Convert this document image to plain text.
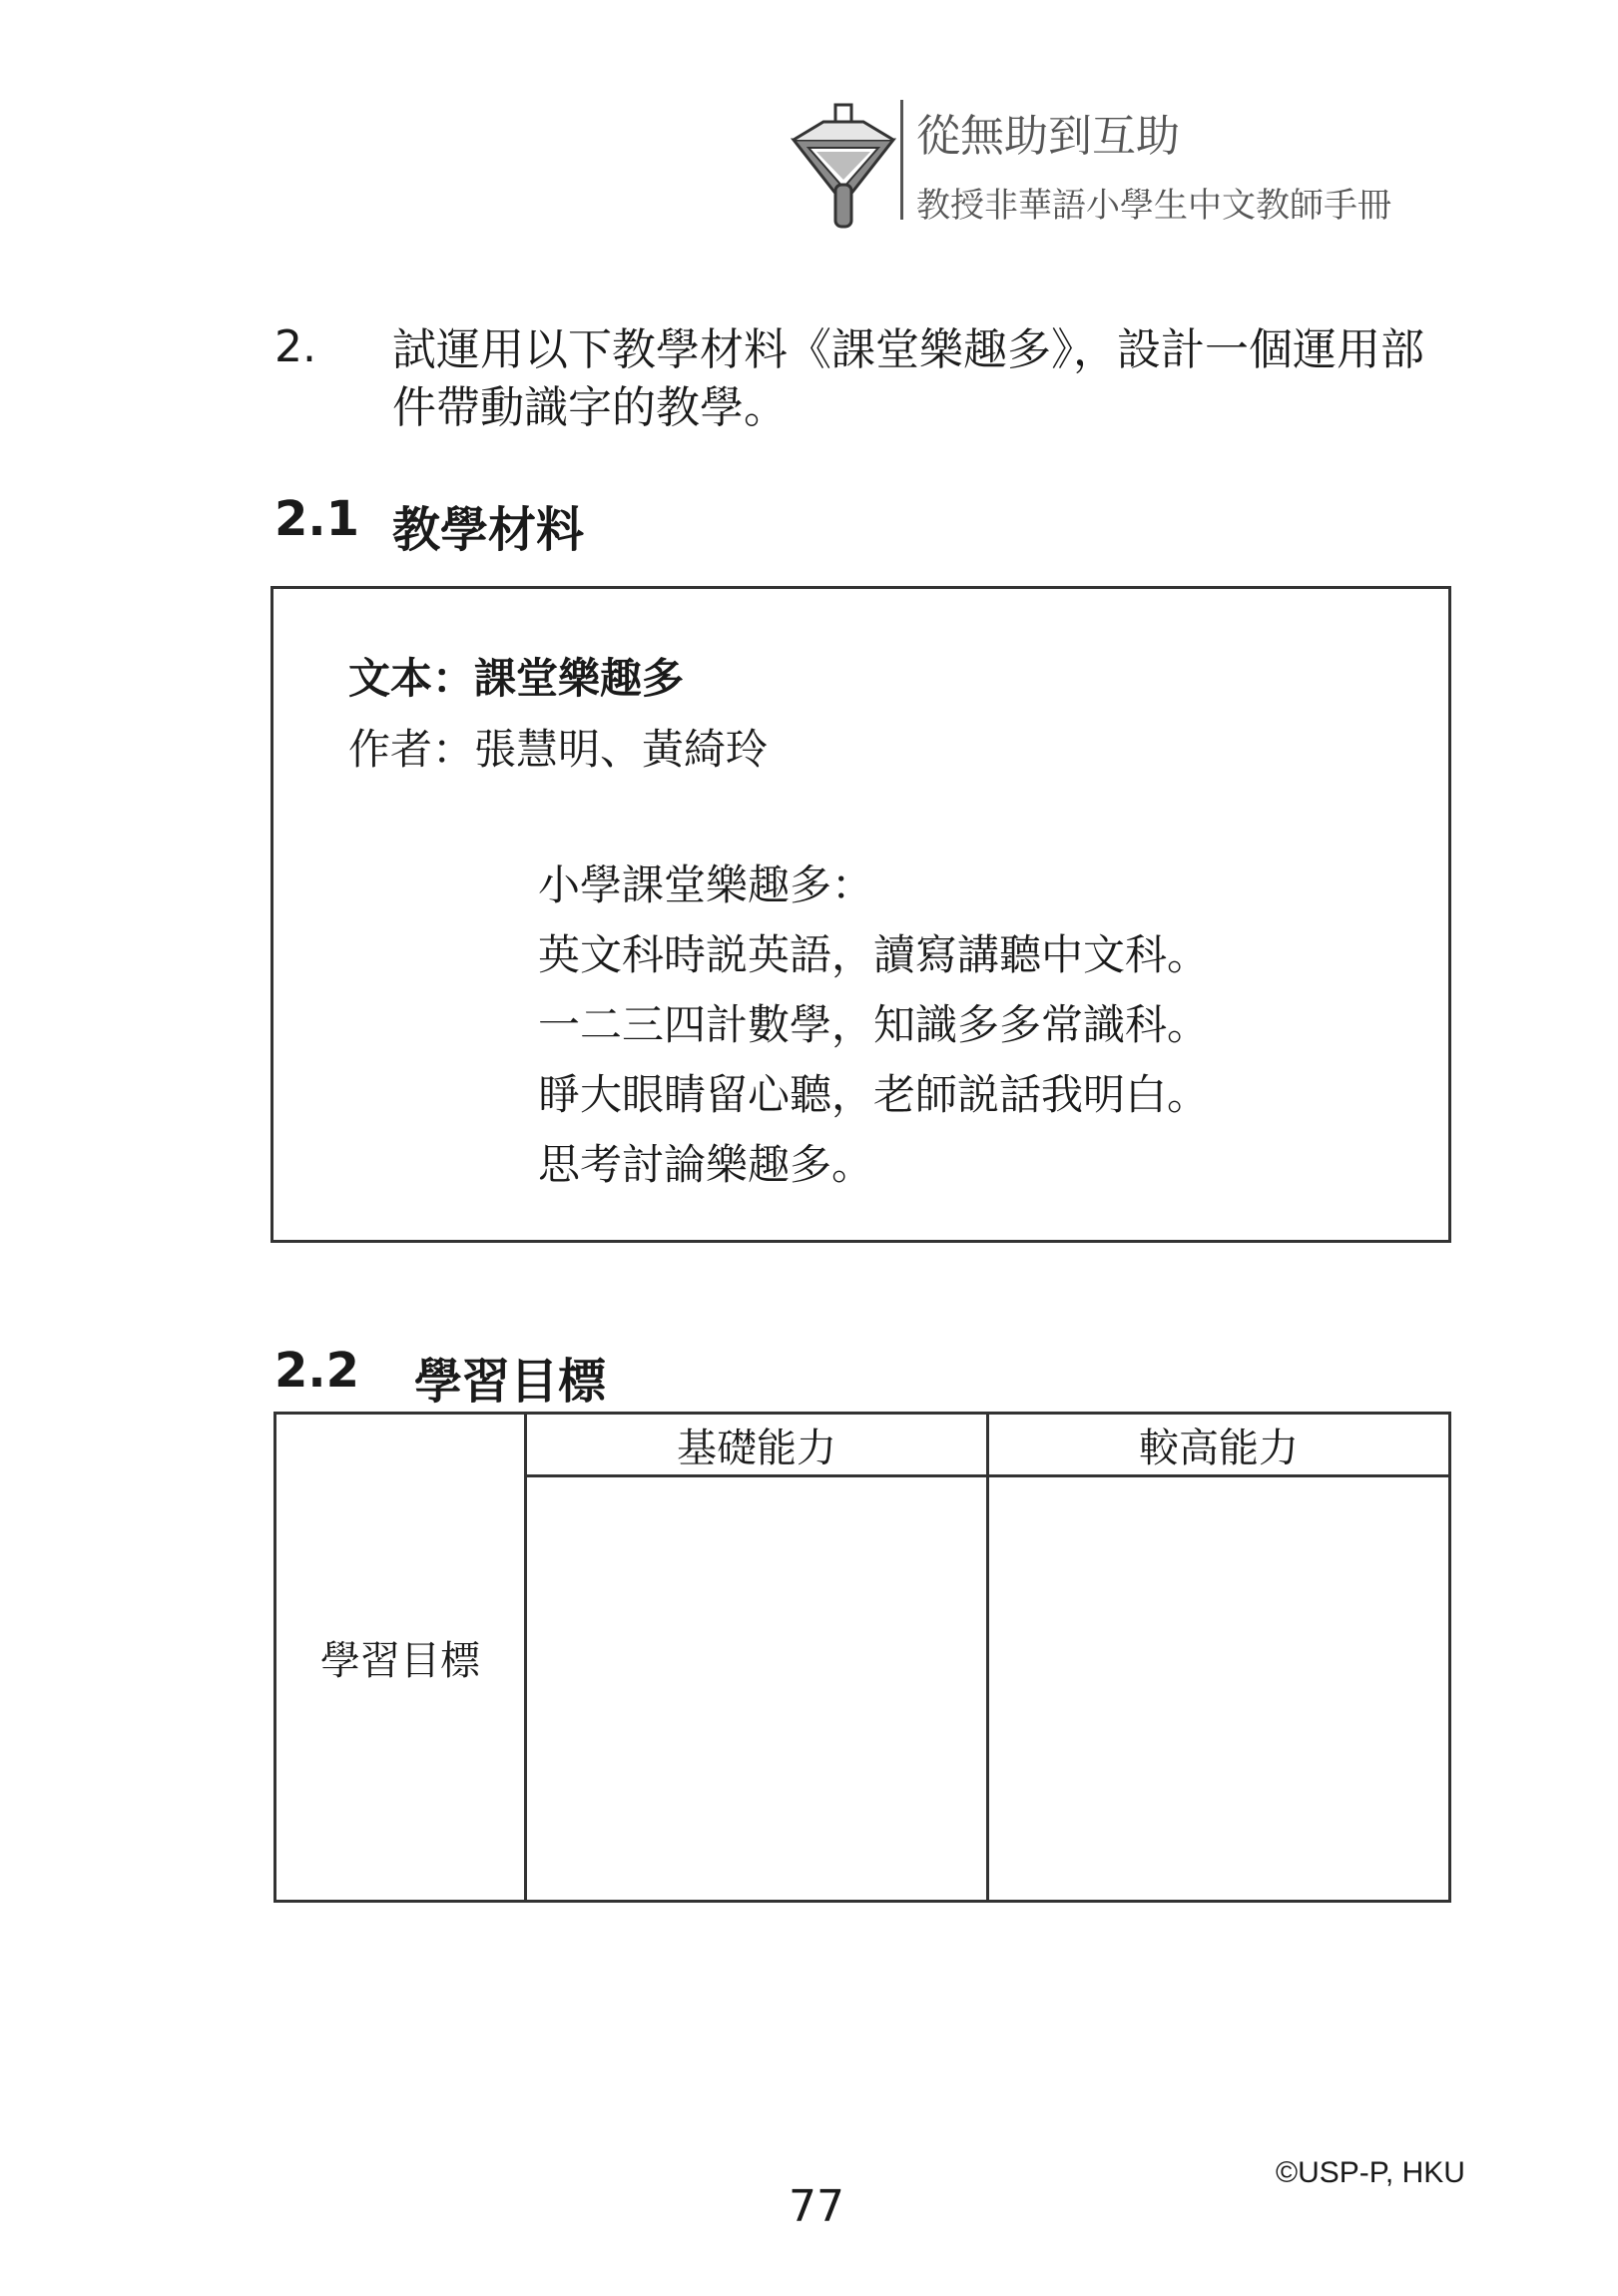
從無助到互助
教授非華語小學生中文教師手冊
2. 試運用以下教學材料《課堂樂趣多》，設計一個運用部件帶動識字的教學。
2.1 教學材料
文本：課堂樂趣多
作者：張慧明、黃綺玲
小學課堂樂趣多：
英文科時説英語，讀寫講聽中文科。
一二三四計數學，知識多多常識科。
睜大眼睛留心聽，老師説話我明白。
思考討論樂趣多。
2.2 學習目標
學習目標	基礎能力	較高能力

©USP-P, HKU
77
